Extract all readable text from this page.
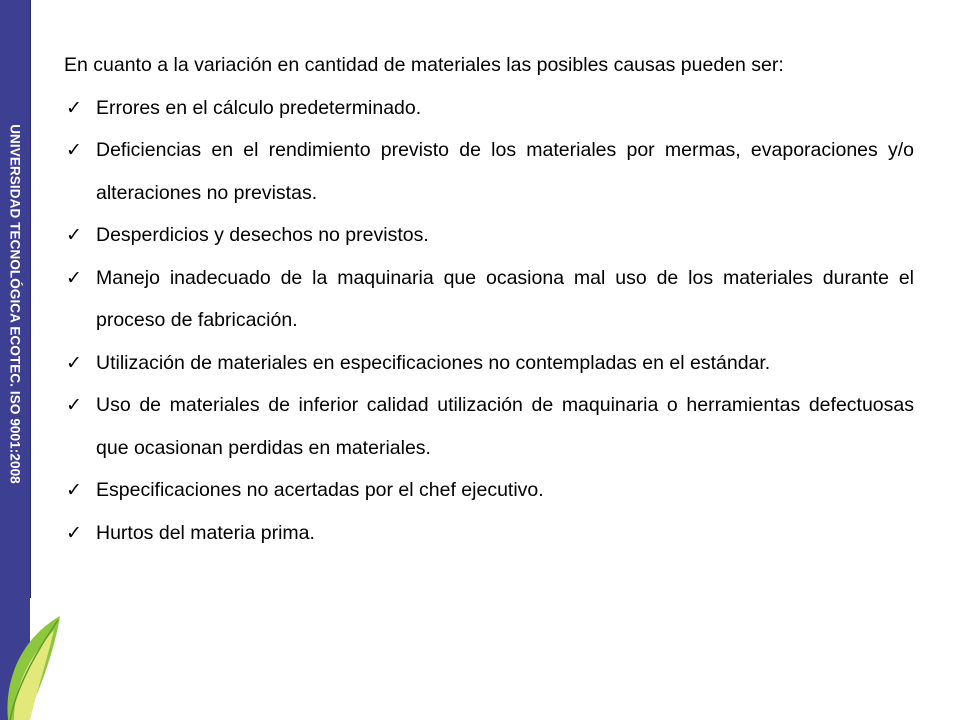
UNIVERSIDAD TECNOLÓGICA ECOTEC. ISO 9001:2008

En cuanto a la variación en cantidad de materiales las posibles causas pueden ser:

✓ Errores en el cálculo predeterminado.
✓ Deficiencias en el rendimiento previsto de los materiales por mermas, evaporaciones y/o alteraciones no previstas.
✓ Desperdicios y desechos no previstos.
✓ Manejo inadecuado de la maquinaria que ocasiona mal uso de los materiales durante el proceso de fabricación.
✓ Utilización de materiales en especificaciones no contempladas en el estándar.
✓ Uso de materiales de inferior calidad utilización de maquinaria o herramientas defectuosas que ocasionan perdidas en materiales.
✓ Especificaciones no acertadas por el chef ejecutivo.
✓ Hurtos del materia prima.
